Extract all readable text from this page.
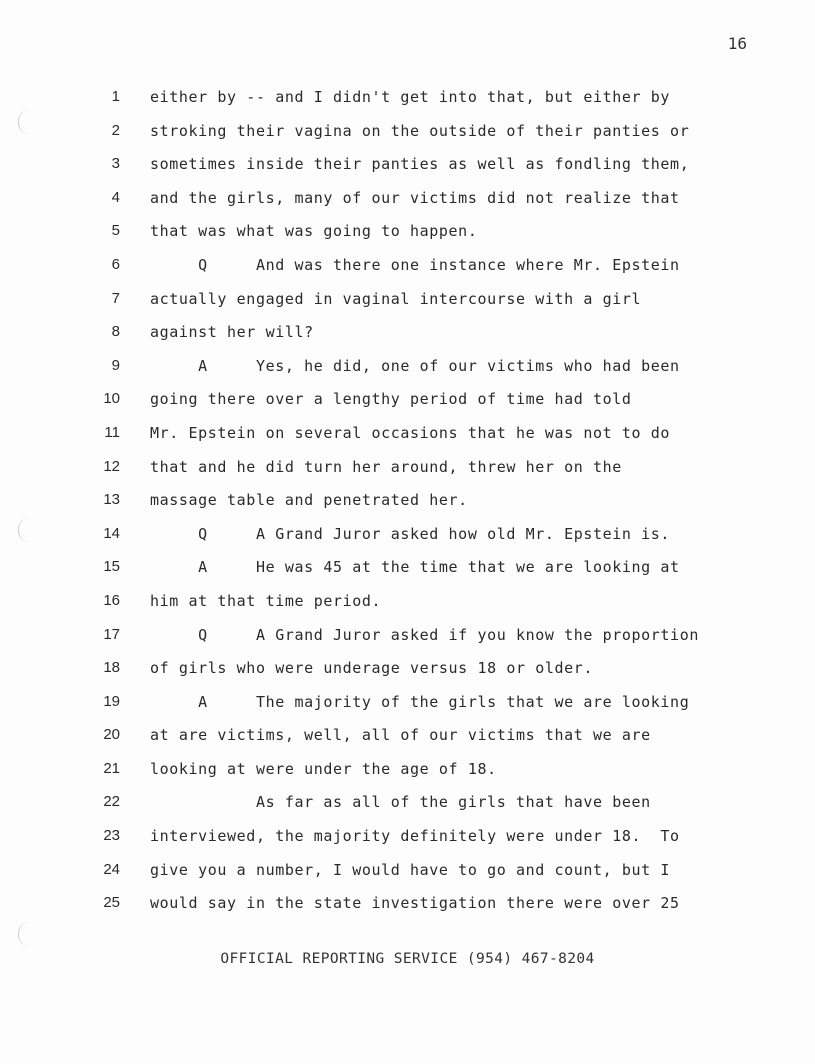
16
1
2
3
4
5
6
7
8
9
10
11
12
13
14
15
16
17
18
19
20
21
22
23
24
25
either by -- and I didn't get into that, but either by
stroking their vagina on the outside of their panties or
sometimes inside their panties as well as fondling them,
and the girls, many of our victims did not realize that
that was what was going to happen.
Q     And was there one instance where Mr. Epstein
actually engaged in vaginal intercourse with a girl
against her will?
A     Yes, he did, one of our victims who had been
going there over a lengthy period of time had told
Mr. Epstein on several occasions that he was not to do
that and he did turn her around, threw her on the
massage table and penetrated her.
Q     A Grand Juror asked how old Mr. Epstein is.
A     He was 45 at the time that we are looking at
him at that time period.
Q     A Grand Juror asked if you know the proportion
of girls who were underage versus 18 or older.
A     The majority of the girls that we are looking
at are victims, well, all of our victims that we are
looking at were under the age of 18.
As far as all of the girls that have been
interviewed, the majority definitely were under 18.  To
give you a number, I would have to go and count, but I
would say in the state investigation there were over 25
OFFICIAL REPORTING SERVICE (954) 467-8204
